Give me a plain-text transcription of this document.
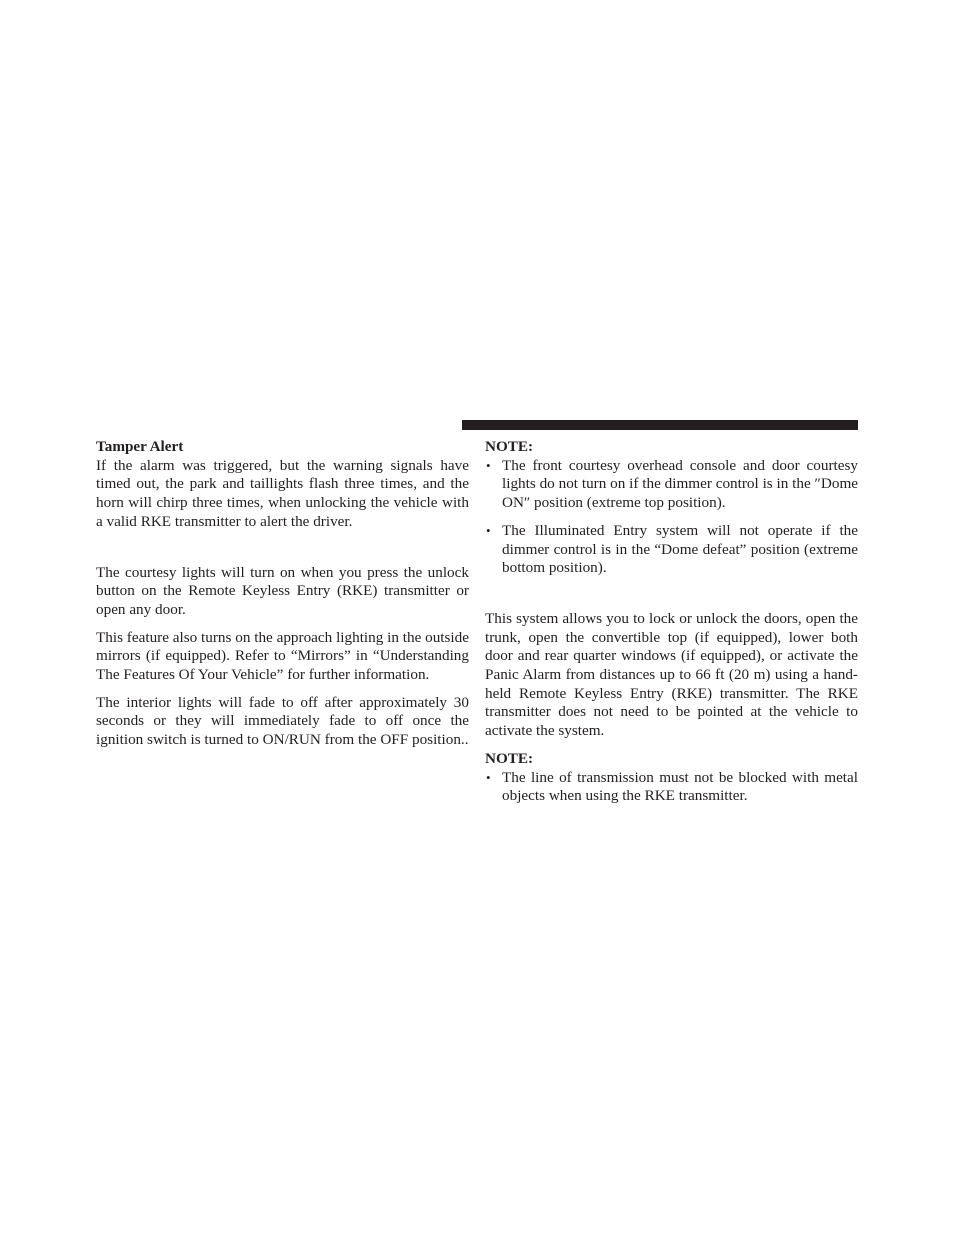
Tamper Alert

If the alarm was triggered, but the warning signals have timed out, the park and taillights flash three times, and the horn will chirp three times, when unlocking the vehicle with a valid RKE transmitter to alert the driver.

The courtesy lights will turn on when you press the unlock button on the Remote Keyless Entry (RKE) transmitter or open any door.

This feature also turns on the approach lighting in the outside mirrors (if equipped). Refer to “Mirrors” in “Understanding The Features Of Your Vehicle” for further information.

The interior lights will fade to off after approximately 30 seconds or they will immediately fade to off once the ignition switch is turned to ON/RUN from the OFF position..

NOTE:
• The front courtesy overhead console and door courtesy lights do not turn on if the dimmer control is in the ″Dome ON″ position (extreme top position).
• The Illuminated Entry system will not operate if the dimmer control is in the “Dome defeat” position (extreme bottom position).

This system allows you to lock or unlock the doors, open the trunk, open the convertible top (if equipped), lower both door and rear quarter windows (if equipped), or activate the Panic Alarm from distances up to 66 ft (20 m) using a hand-held Remote Keyless Entry (RKE) transmitter. The RKE transmitter does not need to be pointed at the vehicle to activate the system.

NOTE:
• The line of transmission must not be blocked with metal objects when using the RKE transmitter.
